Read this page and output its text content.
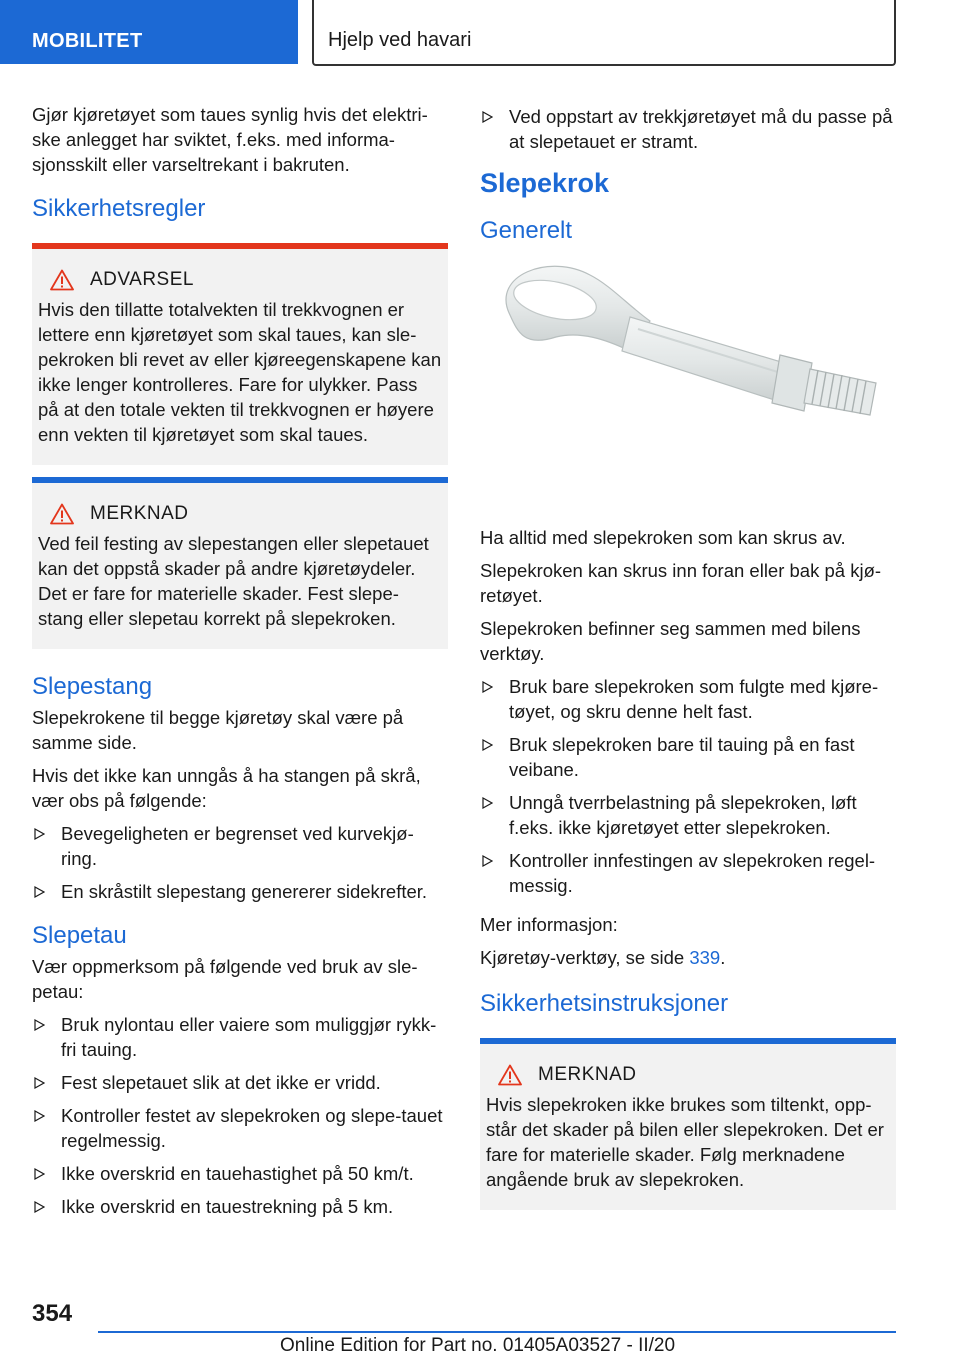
MOBILITET	Hjelp ved havari

Gjør kjøretøyet som taues synlig hvis det elektri-ske anlegget har sviktet, f.eks. med informa-sjonsskilt eller varseltrekant i bakruten.

Sikkerhetsregler
ADVARSEL

Hvis den tillatte totalvekten til trekkvognen er lettere enn kjøretøyet som skal taues, kan sle-pekroken bli revet av eller kjøreegenskapene kan ikke lenger kontrolleres. Fare for ulykker. Pass på at den totale vekten til trekkvognen er høyere enn vekten til kjøretøyet som skal taues.

MERKNAD

Ved feil festing av slepestangen eller slepetauet kan det oppstå skader på andre kjøretøydeler. Det er fare for materielle skader. Fest slepe-stang eller slepetau korrekt på slepekroken.

Slepestang

Slepekrokene til begge kjøretøy skal være på samme side.

Hvis det ikke kan unngås å ha stangen på skrå, vær obs på følgende:

Bevegeligheten er begrenset ved kurvekjø-ring.
En skråstilt slepestang genererer sidekrefter.
Slepetau

Vær oppmerksom på følgende ved bruk av sle-petau:

Bruk nylontau eller vaiere som muliggjør rykk-fri tauing.
Fest slepetauet slik at det ikke er vridd.
Kontroller festet av slepekroken og slepe-tauet regelmessig.
Ikke overskrid en tauehastighet på 50 km/t.
Ikke overskrid en tauestrekning på 5 km.
Ved oppstart av trekkjøretøyet må du passe på at slepetauet er stramt.
Slepekrok
Generelt

Ha alltid med slepekroken som kan skrus av.

Slepekroken kan skrus inn foran eller bak på kjø-retøyet.

Slepekroken befinner seg sammen med bilens verktøy.

Bruk bare slepekroken som fulgte med kjøre-tøyet, og skru denne helt fast.
Bruk slepekroken bare til tauing på en fast veibane.
Unngå tverrbelastning på slepekroken, løft f.eks. ikke kjøretøyet etter slepekroken.
Kontroller innfestingen av slepekroken regel-messig.

Mer informasjon:

Kjøretøy-verktøy, se side 339.

Sikkerhetsinstruksjoner
MERKNAD

Hvis slepekroken ikke brukes som tiltenkt, opp-står det skader på bilen eller slepekroken. Det er fare for materielle skader. Følg merknadene angående bruk av slepekroken.

354
Online Edition for Part no. 01405A03527 - II/20
